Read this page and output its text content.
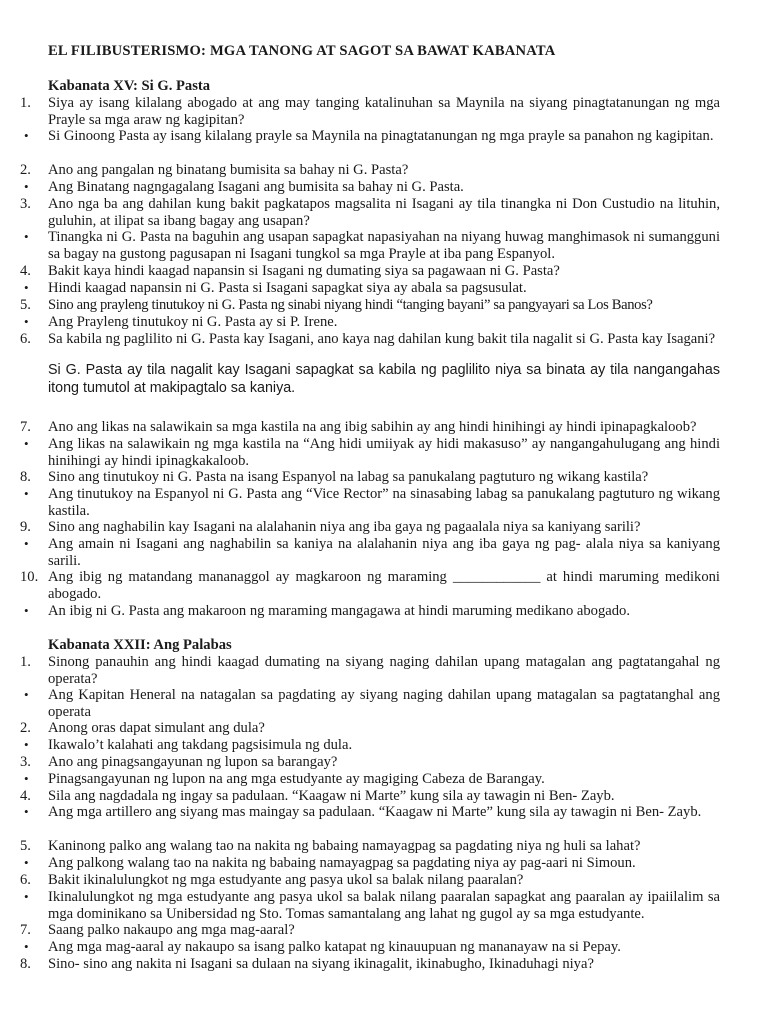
EL FILIBUSTERISMO: MGA TANONG AT SAGOT SA BAWAT KABANATA
Kabanata XV: Si G. Pasta
1.	Siya ay isang kilalang abogado at ang may tanging katalinuhan sa Maynila na siyang pinagtatanungan ng mga Prayle sa mga araw ng kagipitan?
•	Si Ginoong Pasta ay isang kilalang prayle sa Maynila na pinagtatanungan ng mga prayle sa panahon ng kagipitan.
2.	Ano ang pangalan ng binatang bumisita sa bahay ni G. Pasta?
•	Ang Binatang nagngagalang Isagani ang bumisita sa bahay ni G. Pasta.
3.	Ano nga ba ang dahilan kung bakit pagkatapos magsalita ni Isagani ay tila tinangka ni Don Custudio na lituhin, guluhin, at ilipat sa ibang bagay ang usapan?
•	Tinangka ni G. Pasta na baguhin ang usapan sapagkat napasiyahan na niyang huwag manghimasok ni sumangguni sa bagay na gustong pagusapan ni Isagani tungkol sa mga Prayle at iba pang Espanyol.
4.	Bakit kaya hindi kaagad napansin si Isagani ng dumating siya sa pagawaan ni G. Pasta?
•	Hindi kaagad napansin ni G. Pasta si Isagani sapagkat siya ay abala sa pagsusulat.
5.	Sino ang prayleng tinutukoy ni G. Pasta ng sinabi niyang hindi “tanging bayani” sa pangyayari sa Los Banos?
•	Ang Prayleng tinutukoy ni G. Pasta ay si P. Irene.
6.	Sa kabila ng paglilito ni G. Pasta kay Isagani, ano kaya nag dahilan kung bakit tila nagalit si G. Pasta kay Isagani?
Si G. Pasta ay tila nagalit kay Isagani sapagkat sa kabila ng paglilito niya sa binata ay tila nangangahas itong tumutol at makipagtalo sa kaniya.
7.	Ano ang likas na salawikain sa mga kastila na ang ibig sabihin ay ang hindi hinihingi ay hindi ipinapagkaloob?
•	Ang likas na salawikain ng mga kastila na “Ang hidi umiiyak ay hidi makasuso” ay nangangahulugang ang hindi hinihingi ay hindi ipinagkakaloob.
8.	Sino ang tinutukoy ni G. Pasta na isang Espanyol na labag sa panukalang pagtuturo ng wikang kastila?
•	Ang tinutukoy na Espanyol ni G. Pasta ang “Vice Rector” na sinasabing labag sa panukalang pagtuturo ng wikang kastila.
9.	Sino ang naghabilin kay Isagani na alalahanin niya ang iba gaya ng pagaalala niya sa kaniyang sarili?
•	Ang amain ni Isagani ang naghabilin sa kaniya na alalahanin niya ang iba gaya ng pag- alala niya sa kaniyang sarili.
10. Ang ibig ng matandang mananaggol ay magkaroon ng maraming ____________ at hindi maruming medikoni abogado.
•	An ibig ni G. Pasta ang makaroon ng maraming mangagawa at hindi maruming medikano abogado.
Kabanata XXII: Ang Palabas
1.	Sinong panauhin ang hindi kaagad dumating na siyang naging dahilan upang matagalan ang pagtatangahal ng operata?
•	Ang Kapitan Heneral na natagalan sa pagdating ay siyang naging dahilan upang matagalan sa pagtatanghal ang operata
2.	Anong oras dapat simulant ang dula?
•	Ikawalo’t kalahati ang takdang pagsisimula ng dula.
3.	Ano ang pinagsangayunan ng lupon sa barangay?
•	Pinagsangayunan ng lupon na ang mga estudyante ay magiging Cabeza de Barangay.
4.	Sila ang nagdadala ng ingay sa padulaan. “Kaagaw ni Marte” kung sila ay tawagin ni Ben- Zayb.
•	Ang mga artillero ang siyang mas maingay sa padulaan. “Kaagaw ni Marte” kung sila ay tawagin ni Ben- Zayb.
5.	Kaninong palko ang walang tao na nakita ng babaing namayagpag sa pagdating niya ng huli sa lahat?
•	Ang palkong walang tao na nakita ng babaing namayagpag sa pagdating niya ay pag-aari ni Simoun.
6.	Bakit ikinalulungkot ng mga estudyante ang pasya ukol sa balak nilang paaralan?
•	Ikinalulungkot ng mga estudyante ang pasya ukol sa balak nilang paaralan sapagkat ang paaralan ay ipaiilalim sa mga dominikano sa Unibersidad ng Sto. Tomas samantalang ang lahat ng gugol ay sa mga estudyante.
7.	Saang palko nakaupo ang mga mag-aaral?
•	Ang mga mag-aaral ay nakaupo sa isang palko katapat ng kinauupuan ng mananayaw na si Pepay.
8.	Sino- sino ang nakita ni Isagani sa dulaan na siyang ikinagalit, ikinabugho, Ikinaduhagi niya?
